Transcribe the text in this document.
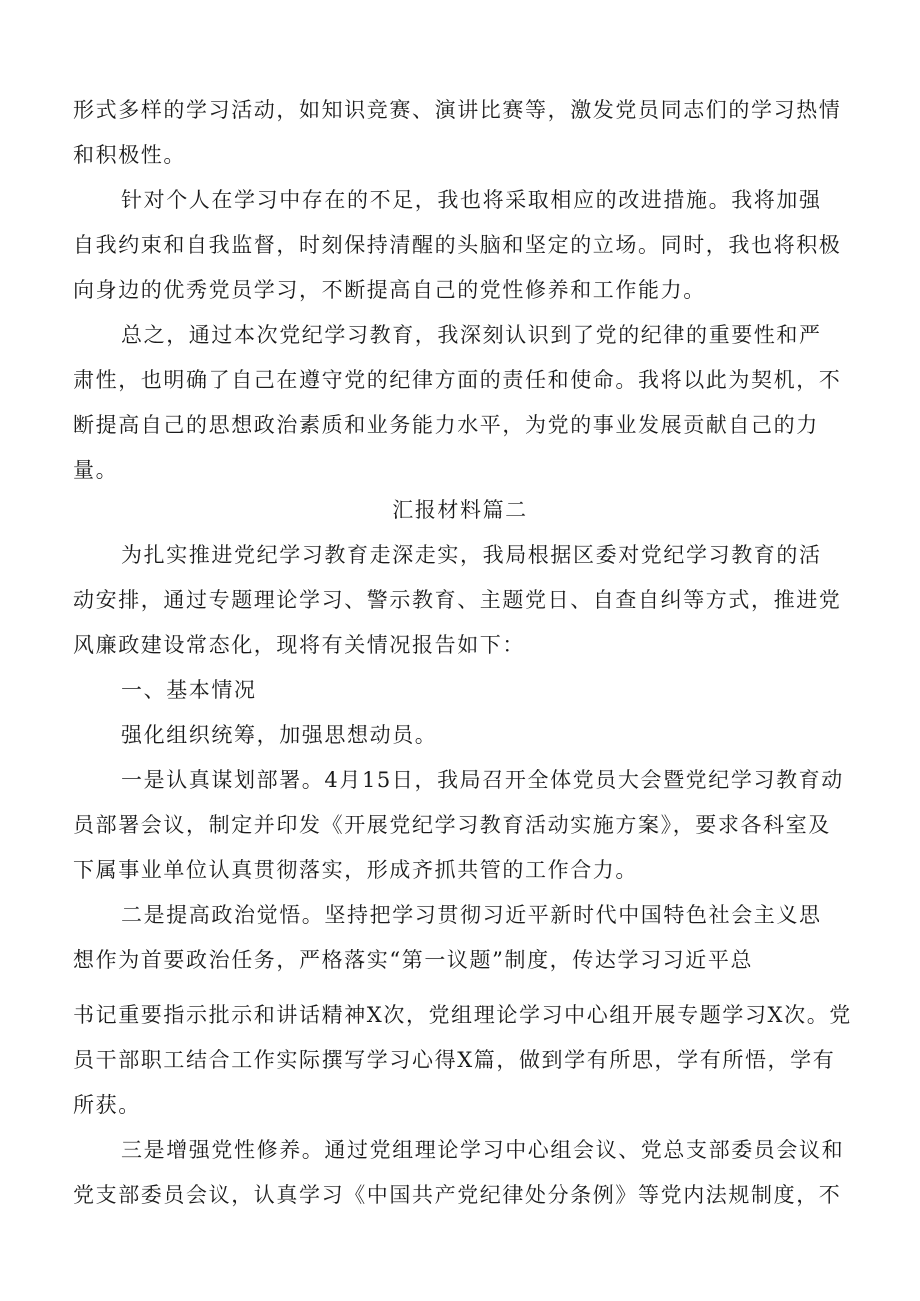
形式多样的学习活动，如知识竞赛、演讲比赛等，激发党员同志们的学习热情
和积极性。
针对个人在学习中存在的不足，我也将采取相应的改进措施。我将加强
自我约束和自我监督，时刻保持清醒的头脑和坚定的立场。同时，我也将积极
向身边的优秀党员学习，不断提高自己的党性修养和工作能力。
总之，通过本次党纪学习教育，我深刻认识到了党的纪律的重要性和严
肃性，也明确了自己在遵守党的纪律方面的责任和使命。我将以此为契机，不
断提高自己的思想政治素质和业务能力水平，为党的事业发展贡献自己的力
量。
汇报材料篇二
为扎实推进党纪学习教育走深走实，我局根据区委对党纪学习教育的活
动安排，通过专题理论学习、警示教育、主题党日、自查自纠等方式，推进党
风廉政建设常态化，现将有关情况报告如下：
一、基本情况
强化组织统筹，加强思想动员。
一是认真谋划部署。4月15日，我局召开全体党员大会暨党纪学习教育动
员部署会议，制定并印发《开展党纪学习教育活动实施方案》，要求各科室及
下属事业单位认真贯彻落实，形成齐抓共管的工作合力。
二是提高政治觉悟。坚持把学习贯彻习近平新时代中国特色社会主义思
想作为首要政治任务，严格落实“第一议题”制度，传达学习习近平总
书记重要指示批示和讲话精神X次，党组理论学习中心组开展专题学习X次。党
员干部职工结合工作实际撰写学习心得X篇，做到学有所思，学有所悟，学有
所获。
三是增强党性修养。通过党组理论学习中心组会议、党总支部委员会议和
党支部委员会议，认真学习《中国共产党纪律处分条例》等党内法规制度，不
